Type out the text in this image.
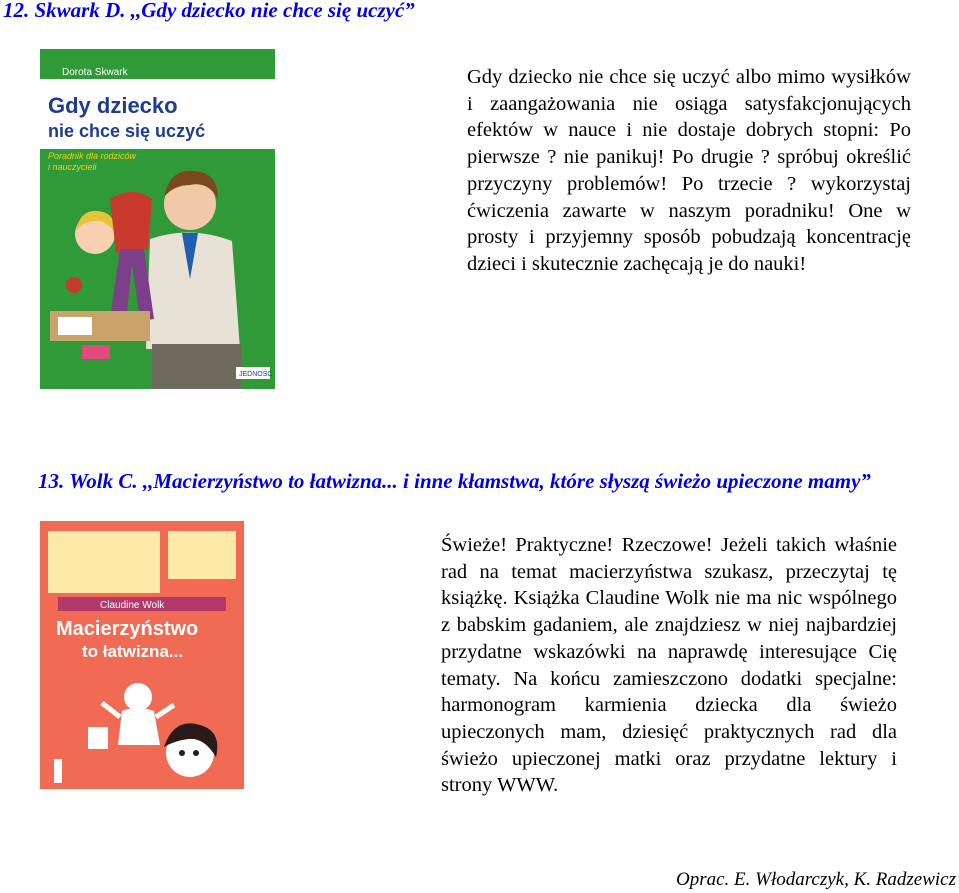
12. Skwark D. ,,Gdy dziecko nie chce się uczyć”
Dorota Skwark
Gdy dziecko
nie chce się uczyć
Poradnik dla rodziców
i nauczycieli
JEDNOŚĆ

Gdy dziecko nie chce się uczyć albo mimo wysiłków i zaangażowania nie osiąga satysfakcjonujących efektów w nauce i nie dostaje dobrych stopni: Po pierwsze ? nie panikuj! Po drugie ? spróbuj określić przyczyny problemów! Po trzecie ? wykorzystaj ćwiczenia zawarte w naszym poradniku! One w prosty i przyjemny sposób pobudzają koncentrację dzieci i skutecznie zachęcają je do nauki!

13. Wolk C. ,,Macierzyństwo to łatwizna... i inne kłamstwa, które słyszą świeżo upieczone mamy”
Claudine Wolk
Macierzyństwo
to łatwizna...

Świeże! Praktyczne! Rzeczowe! Jeżeli takich właśnie rad na temat macierzyństwa szukasz, przeczytaj tę książkę. Książka Claudine Wolk nie ma nic wspólnego z babskim gadaniem, ale znajdziesz w niej najbardziej przydatne wskazówki na naprawdę interesujące Cię tematy. Na końcu zamieszczono dodatki specjalne: harmonogram karmienia dziecka dla świeżo upieczonych mam, dziesięć praktycznych rad dla świeżo upieczonej matki oraz przydatne lektury i strony WWW.

Oprac. E. Włodarczyk, K. Radzewicz
